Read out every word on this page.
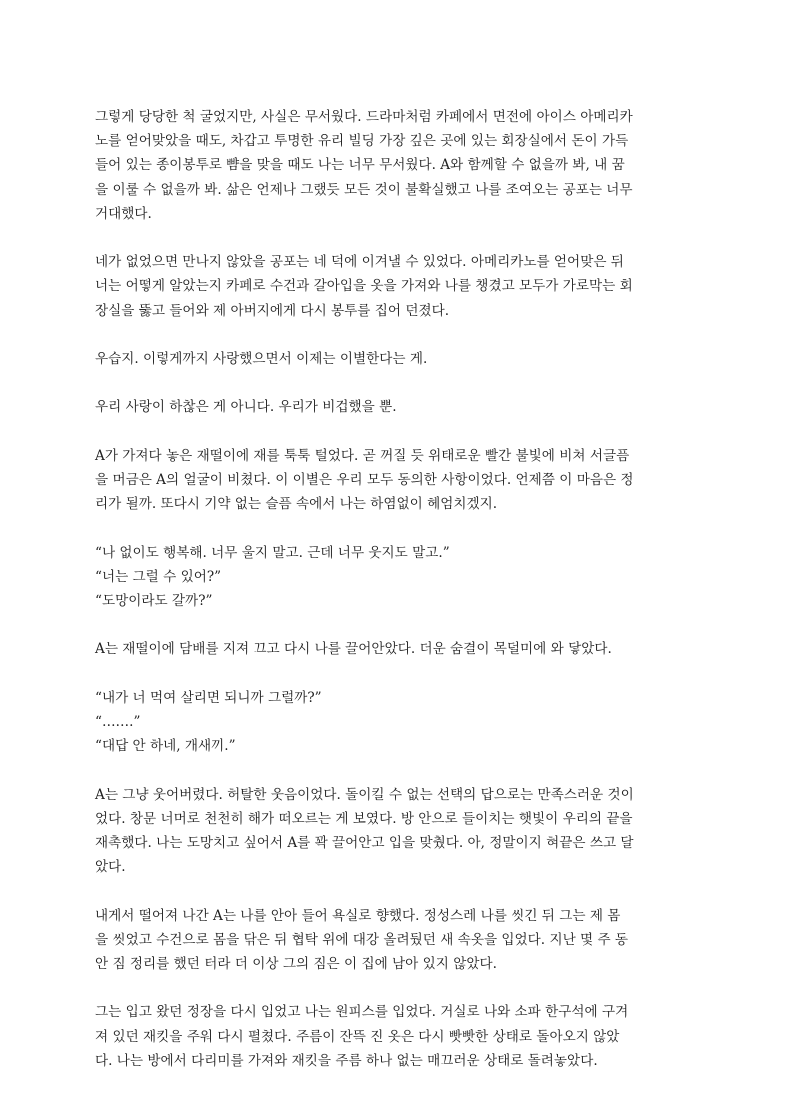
그렇게 당당한 척 굴었지만, 사실은 무서웠다. 드라마처럼 카페에서 면전에 아이스 아메리카
노를 얻어맞았을 때도, 차갑고 투명한 유리 빌딩 가장 깊은 곳에 있는 회장실에서 돈이 가득
들어 있는 종이봉투로 뺨을 맞을 때도 나는 너무 무서웠다. A와 함께할 수 없을까 봐, 내 꿈
을 이룰 수 없을까 봐. 삶은 언제나 그랬듯 모든 것이 불확실했고 나를 조여오는 공포는 너무
거대했다.
네가 없었으면 만나지 않았을 공포는 네 덕에 이겨낼 수 있었다. 아메리카노를 얻어맞은 뒤
너는 어떻게 알았는지 카페로 수건과 갈아입을 옷을 가져와 나를 챙겼고 모두가 가로막는 회
장실을 뚫고 들어와 제 아버지에게 다시 봉투를 집어 던졌다.
우습지. 이렇게까지 사랑했으면서 이제는 이별한다는 게.
우리 사랑이 하찮은 게 아니다. 우리가 비겁했을 뿐.
A가 가져다 놓은 재떨이에 재를 툭툭 털었다. 곧 꺼질 듯 위태로운 빨간 불빛에 비쳐 서글픔
을 머금은 A의 얼굴이 비쳤다. 이 이별은 우리 모두 동의한 사항이었다. 언제쯤 이 마음은 정
리가 될까. 또다시 기약 없는 슬픔 속에서 나는 하염없이 헤엄치겠지.
“나 없이도 행복해. 너무 울지 말고. 근데 너무 웃지도 말고.”
“너는 그럴 수 있어?”
“도망이라도 갈까?”
A는 재떨이에 담배를 지져 끄고 다시 나를 끌어안았다. 더운 숨결이 목덜미에 와 닿았다.
“내가 너 먹여 살리면 되니까 그럴까?”
“…….”
“대답 안 하네, 개새끼.”
A는 그냥 웃어버렸다. 허탈한 웃음이었다. 돌이킬 수 없는 선택의 답으로는 만족스러운 것이
었다. 창문 너머로 천천히 해가 떠오르는 게 보였다. 방 안으로 들이치는 햇빛이 우리의 끝을
재촉했다. 나는 도망치고 싶어서 A를 꽉 끌어안고 입을 맞췄다. 아, 정말이지 혀끝은 쓰고 달
았다.
내게서 떨어져 나간 A는 나를 안아 들어 욕실로 향했다. 정성스레 나를 씻긴 뒤 그는 제 몸
을 씻었고 수건으로 몸을 닦은 뒤 협탁 위에 대강 올려뒀던 새 속옷을 입었다. 지난 몇 주 동
안 짐 정리를 했던 터라 더 이상 그의 짐은 이 집에 남아 있지 않았다.
그는 입고 왔던 정장을 다시 입었고 나는 원피스를 입었다. 거실로 나와 소파 한구석에 구겨
져 있던 재킷을 주워 다시 펼쳤다. 주름이 잔뜩 진 옷은 다시 빳빳한 상태로 돌아오지 않았
다. 나는 방에서 다리미를 가져와 재킷을 주름 하나 없는 매끄러운 상태로 돌려놓았다.
